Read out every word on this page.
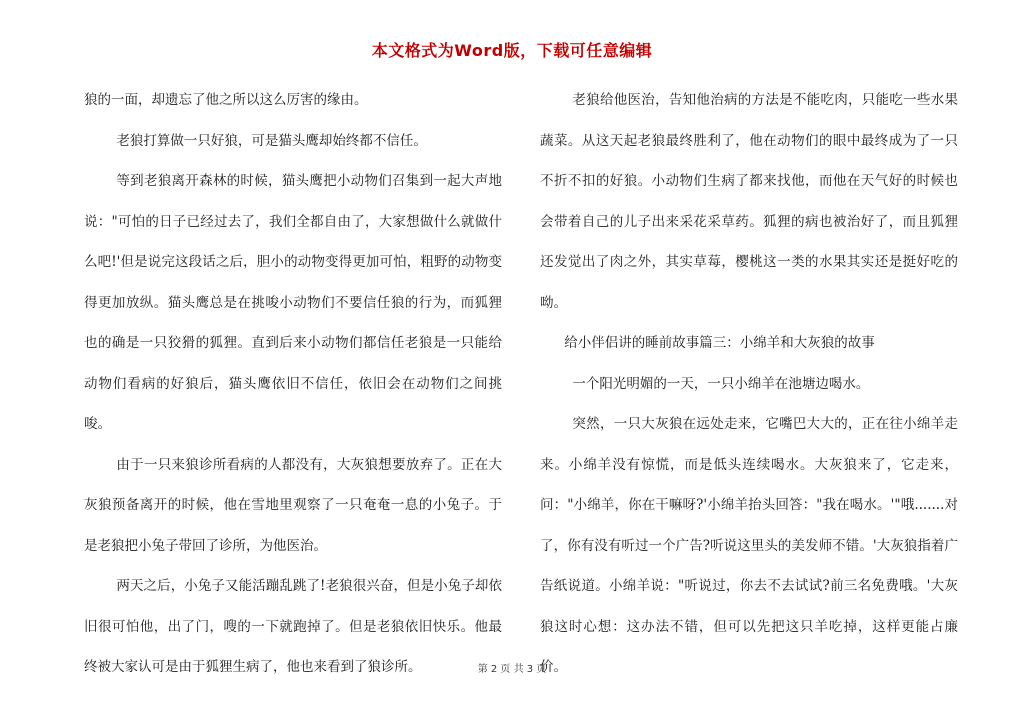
本文格式为Word版，下载可任意编辑

狼的一面，却遗忘了他之所以这么厉害的缘由。

老狼打算做一只好狼，可是猫头鹰却始终都不信任。

等到老狼离开森林的时候，猫头鹰把小动物们召集到一起大声地说："可怕的日子已经过去了，我们全都自由了，大家想做什么就做什么吧!'但是说完这段话之后，胆小的动物变得更加可怕，粗野的动物变得更加放纵。猫头鹰总是在挑唆小动物们不要信任狼的行为，而狐狸也的确是一只狡猾的狐狸。直到后来小动物们都信任老狼是一只能给动物们看病的好狼后，猫头鹰依旧不信任，依旧会在动物们之间挑唆。

由于一只来狼诊所看病的人都没有，大灰狼想要放弃了。正在大灰狼预备离开的时候，他在雪地里观察了一只奄奄一息的小兔子。于是老狼把小兔子带回了诊所，为他医治。

两天之后，小兔子又能活蹦乱跳了!老狼很兴奋，但是小兔子却依旧很可怕他，出了门，嗖的一下就跑掉了。但是老狼依旧快乐。他最终被大家认可是由于狐狸生病了，他也来看到了狼诊所。

老狼给他医治，告知他治病的方法是不能吃肉，只能吃一些水果蔬菜。从这天起老狼最终胜利了，他在动物们的眼中最终成为了一只不折不扣的好狼。小动物们生病了都来找他，而他在天气好的时候也会带着自己的儿子出来采花采草药。狐狸的病也被治好了，而且狐狸还发觉出了肉之外，其实草莓，樱桃这一类的水果其实还是挺好吃的呦。

给小伴侣讲的睡前故事篇三：小绵羊和大灰狼的故事

一个阳光明媚的一天，一只小绵羊在池塘边喝水。

突然，一只大灰狼在远处走来，它嘴巴大大的，正在往小绵羊走来。小绵羊没有惊慌，而是低头连续喝水。大灰狼来了，它走来，问："小绵羊，你在干嘛呀?'小绵羊抬头回答："我在喝水。'"哦.......对了，你有没有听过一个广告?听说这里头的美发师不错。'大灰狼指着广告纸说道。小绵羊说："听说过，你去不去试试?前三名免费哦。'大灰狼这时心想：这办法不错，但可以先把这只羊吃掉，这样更能占廉价。

第 2 页 共 3 页
